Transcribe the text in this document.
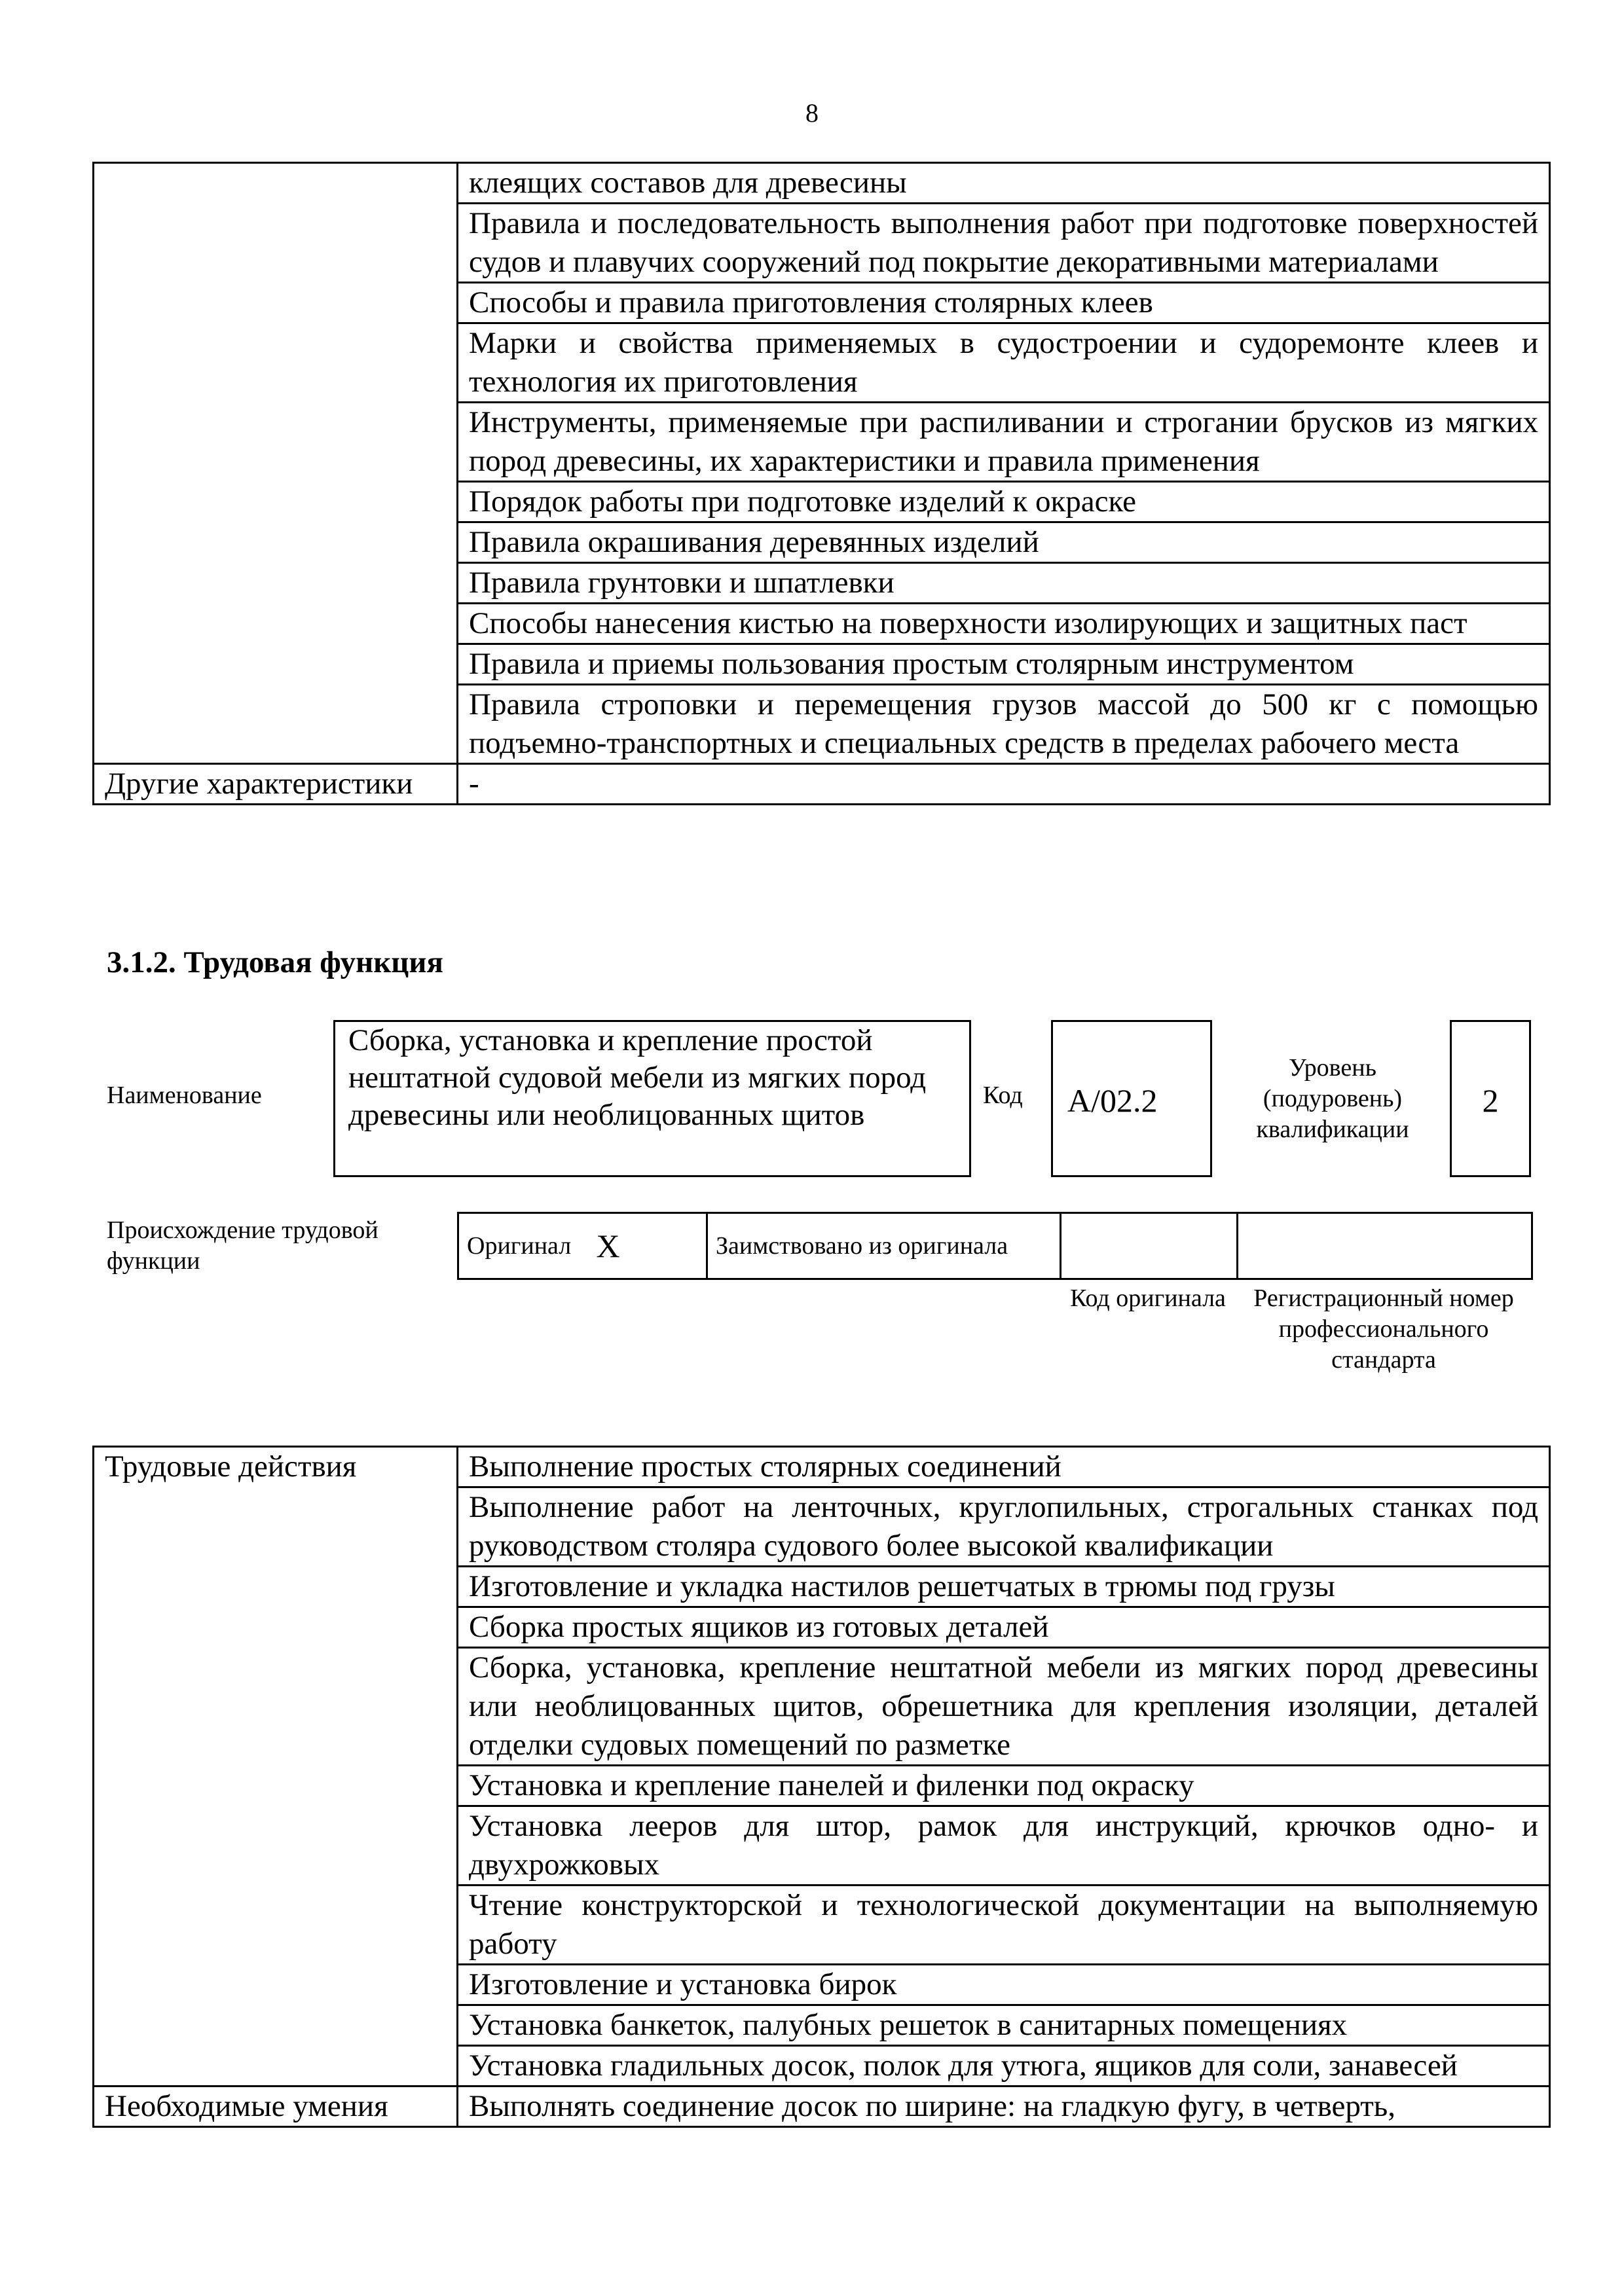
8
	клеящих составов для древесины
	Правила и последовательность выполнения работ при подготовке поверхностей судов и плавучих сооружений под покрытие декоративными материалами
	Способы и правила приготовления столярных клеев
	Марки и свойства применяемых в судостроении и судоремонте клеев и технология их приготовления
	Инструменты, применяемые при распиливании и строгании брусков из мягких пород древесины, их характеристики и правила применения
	Порядок работы при подготовке изделий к окраске
	Правила окрашивания деревянных изделий
	Правила грунтовки и шпатлевки
	Способы нанесения кистью на поверхности изолирующих и защитных паст
	Правила и приемы пользования простым столярным инструментом
	Правила строповки и перемещения грузов массой до 500 кг с помощью подъемно-транспортных и специальных средств в пределах рабочего места
Другие характеристики	-
3.1.2. Трудовая функция
Наименование
Сборка, установка и крепление простой нештатной судовой мебели из мягких пород древесины или необлицованных щитов
Код	А/02.2
Уровень (подуровень) квалификации
2
Происхождение трудовой функции
Оригинал	X	Заимствовано из оригинала		
Код оригинала	Регистрационный номер профессионального стандарта
Трудовые действия	Выполнение простых столярных соединений
	Выполнение работ на ленточных, круглопильных, строгальных станках под руководством столяра судового более высокой квалификации
	Изготовление и укладка настилов решетчатых в трюмы под грузы
	Сборка простых ящиков из готовых деталей
	Сборка, установка, крепление нештатной мебели из мягких пород древесины или необлицованных щитов, обрешетника для крепления изоляции, деталей отделки судовых помещений по разметке
	Установка и крепление панелей и филенки под окраску
	Установка леeров для штор, рамок для инструкций, крючков одно- и двухрожковых
	Чтение конструкторской и технологической документации на выполняемую работу
	Изготовление и установка бирок
	Установка банкеток, палубных решеток в санитарных помещениях
	Установка гладильных досок, полок для утюга, ящиков для соли, занавесей
Необходимые умения	Выполнять соединение досок по ширине: на гладкую фугу, в четверть,
